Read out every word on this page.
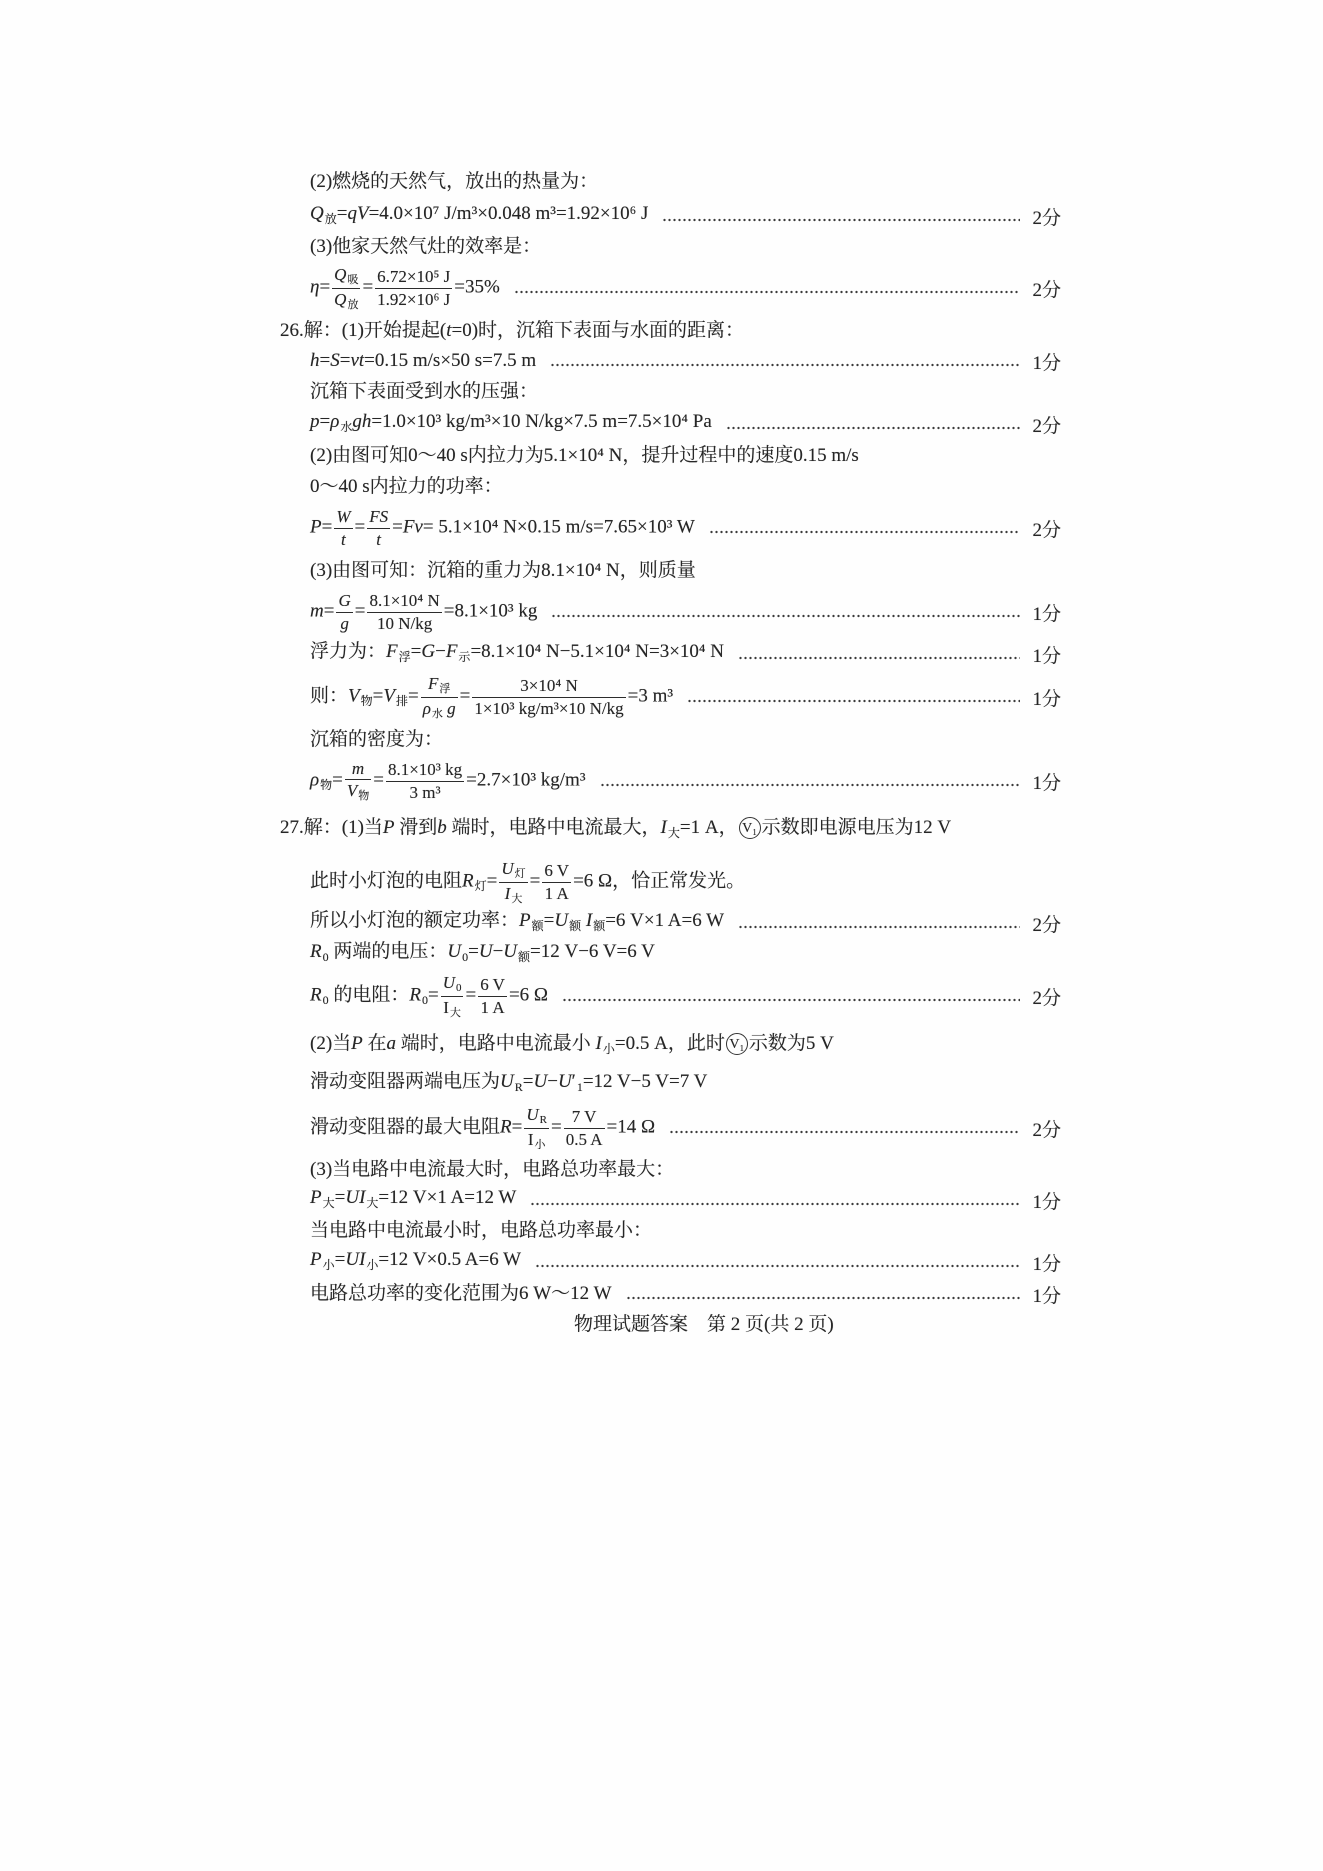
(2)燃烧的天然气，放出的热量为：
$Q_放=qV=4.0\times 10^7$ J/m³×0.048 m³=1.92×10⁶ J	2分
(3)他家天然气灶的效率是：
$\eta= \frac{\text{Q吸}}{\text{Q放}} = \frac{\text{6.72×10⁵ J}}{\text{1.92×10⁶ J}} =35\%$	2分
26.解：(1)开始提起(t=0)时，沉箱下表面与水面的距离：
h=S=vt=0.15 m/s×50 s=7.5 m	1分
沉箱下表面受到水的压强：
$p=\rho_水gh=1.0\times 10^3$ kg/m³×10 N/kg×7.5 m=7.5×10⁴ Pa	2分
(2)由图可知0～40 s内拉力为5.1×10⁴ N，提升过程中的速度0.15 m/s
0～40 s内拉力的功率：
$P= \frac{W}{t} = \frac{FS}{t} =Fv= 5.1\times 10^4$ N×0.15 m/s=7.65×10³ W	2分
(3)由图可知：沉箱的重力为8.1×10⁴ N，则质量
$m= \frac{G}{g} = \frac{\text{8.1×10⁴ N}}{10 N/kg} =8.1\times 10^3$ kg	1分
浮力为：$F_浮=G-F_示=8.1\times 10^4$ N−5.1×10⁴ N=3×10⁴ N	1分
则：$V_物=V_排= \frac{\text{F浮}}{\text{ρ水 g}} = \frac{\text{3×10⁴ N}}{\text{1×10³ kg/m³×10 N/kg}} =3$ m³	1分
沉箱的密度为：
$\rho_物= \frac{m}{\text{V物}} = \frac{\text{8.1×10³ kg}}{\text{3 m³}} =2.7\times 10^3$ kg/m³	1分
27.解：(1)当P 滑到b 端时，电路中电流最大，$I_大=1$ A， V₁ 示数即电源电压为12 V
此时小灯泡的电阻$R_灯= \frac{\text{U灯}}{\text{I大}} = \frac{6 V}{1 A} =6$ Ω，恰正常发光。
所以小灯泡的额定功率：$P_额=U_额$ $I_额=6$ V×1 A=6 W	2分
$R_0$ 两端的电压：$U_0=U-U_额=12$ V−6 V=6 V
$R_0$ 的电阻：$R_0= \frac{U0}{\text{I大}} = \frac{6 V}{1 A} =6$ Ω	2分
(2)当P 在a 端时，电路中电流最小 $I_小=0.5$ A，此时 V₁ 示数为5 V
滑动变阻器两端电压为$U_R=U-U'_1=12$ V−5 V=7 V
滑动变阻器的最大电阻$R= \frac{UR}{\text{I小}} = \frac{7 V}{0.5 A} =14$ Ω	2分
(3)当电路中电流最大时，电路总功率最大：
$P_大=UI_大=12$ V×1 A=12 W	1分
当电路中电流最小时，电路总功率最小：
$P_小=UI_小=12$ V×0.5 A=6 W	1分
电路总功率的变化范围为6 W～12 W	1分
物理试题答案　第 2 页(共 2 页)
